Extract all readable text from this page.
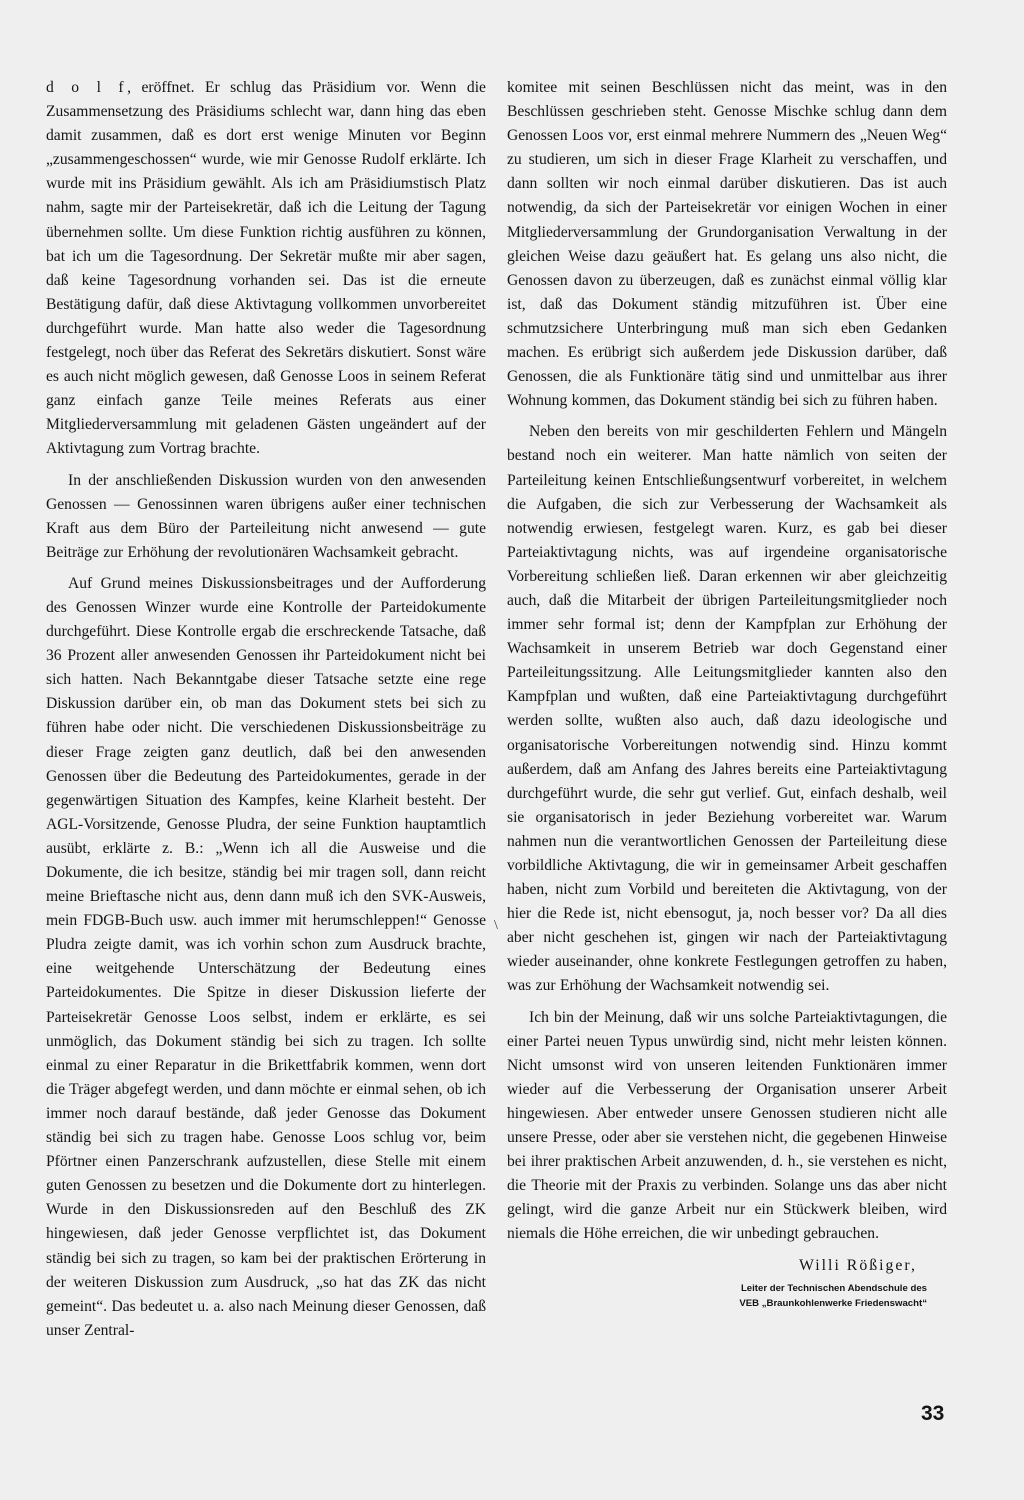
d o l f, eröffnet. Er schlug das Präsidium vor. Wenn die Zusammensetzung des Präsidiums schlecht war, dann hing das eben damit zusammen, daß es dort erst wenige Minuten vor Beginn „zusammengeschossen“ wurde, wie mir Genosse Rudolf erklärte. Ich wurde mit ins Präsidium gewählt. Als ich am Präsidiumstisch Platz nahm, sagte mir der Parteisekretär, daß ich die Leitung der Tagung übernehmen sollte. Um diese Funktion richtig ausführen zu können, bat ich um die Tagesordnung. Der Sekretär mußte mir aber sagen, daß keine Tagesordnung vorhanden sei. Das ist die erneute Bestätigung dafür, daß diese Aktivtagung vollkommen unvorbereitet durchgeführt wurde. Man hatte also weder die Tagesordnung festgelegt, noch über das Referat des Sekretärs diskutiert. Sonst wäre es auch nicht möglich gewesen, daß Genosse Loos in seinem Referat ganz einfach ganze Teile meines Referats aus einer Mitgliederversammlung mit geladenen Gästen ungeändert auf der Aktivtagung zum Vortrag brachte.

In der anschließenden Diskussion wurden von den anwesenden Genossen — Genossinnen waren übrigens außer einer technischen Kraft aus dem Büro der Parteileitung nicht anwesend — gute Beiträge zur Erhöhung der revolutionären Wachsamkeit gebracht.

Auf Grund meines Diskussionsbeitrages und der Aufforderung des Genossen Winzer wurde eine Kontrolle der Parteidokumente durchgeführt. Diese Kontrolle ergab die erschreckende Tatsache, daß 36 Prozent aller anwesenden Genossen ihr Parteidokument nicht bei sich hatten. Nach Bekanntgabe dieser Tatsache setzte eine rege Diskussion darüber ein, ob man das Dokument stets bei sich zu führen habe oder nicht. Die verschiedenen Diskussionsbeiträge zu dieser Frage zeigten ganz deutlich, daß bei den anwesenden Genossen über die Bedeutung des Parteidokumentes, gerade in der gegenwärtigen Situation des Kampfes, keine Klarheit besteht. Der AGL-Vorsitzende, Genosse Pludra, der seine Funktion hauptamtlich ausübt, erklärte z. B.: „Wenn ich all die Ausweise und die Dokumente, die ich besitze, ständig bei mir tragen soll, dann reicht meine Brieftasche nicht aus, denn dann muß ich den SVK-Ausweis, mein FDGB-Buch usw. auch immer mit herumschleppen!“ Genosse Pludra zeigte damit, was ich vorhin schon zum Ausdruck brachte, eine weitgehende Unterschätzung der Bedeutung eines Parteidokumentes. Die Spitze in dieser Diskussion lieferte der Parteisekretär Genosse Loos selbst, indem er erklärte, es sei unmöglich, das Dokument ständig bei sich zu tragen. Ich sollte einmal zu einer Reparatur in die Brikettfabrik kommen, wenn dort die Träger abgefegt werden, und dann möchte er einmal sehen, ob ich immer noch darauf bestände, daß jeder Genosse das Dokument ständig bei sich zu tragen habe. Genosse Loos schlug vor, beim Pförtner einen Panzerschrank aufzustellen, diese Stelle mit einem guten Genossen zu besetzen und die Dokumente dort zu hinterlegen. Wurde in den Diskussionsreden auf den Beschluß des ZK hingewiesen, daß jeder Genosse verpflichtet ist, das Dokument ständig bei sich zu tragen, so kam bei der praktischen Erörterung in der weiteren Diskussion zum Ausdruck, „so hat das ZK das nicht gemeint“. Das bedeutet u. a. also nach Meinung dieser Genossen, daß unser Zentral-

komitee mit seinen Beschlüssen nicht das meint, was in den Beschlüssen geschrieben steht. Genosse Mischke schlug dann dem Genossen Loos vor, erst einmal mehrere Nummern des „Neuen Weg“ zu studieren, um sich in dieser Frage Klarheit zu verschaffen, und dann sollten wir noch einmal darüber diskutieren. Das ist auch notwendig, da sich der Parteisekretär vor einigen Wochen in einer Mitgliederversammlung der Grundorganisation Verwaltung in der gleichen Weise dazu geäußert hat. Es gelang uns also nicht, die Genossen davon zu überzeugen, daß es zunächst einmal völlig klar ist, daß das Dokument ständig mitzuführen ist. Über eine schmutzsichere Unterbringung muß man sich eben Gedanken machen. Es erübrigt sich außerdem jede Diskussion darüber, daß Genossen, die als Funktionäre tätig sind und unmittelbar aus ihrer Wohnung kommen, das Dokument ständig bei sich zu führen haben.

Neben den bereits von mir geschilderten Fehlern und Mängeln bestand noch ein weiterer. Man hatte nämlich von seiten der Parteileitung keinen Entschließungsentwurf vorbereitet, in welchem die Aufgaben, die sich zur Verbesserung der Wachsamkeit als notwendig erwiesen, festgelegt waren. Kurz, es gab bei dieser Parteiaktivtagung nichts, was auf irgendeine organisatorische Vorbereitung schließen ließ. Daran erkennen wir aber gleichzeitig auch, daß die Mitarbeit der übrigen Parteileitungsmitglieder noch immer sehr formal ist; denn der Kampfplan zur Erhöhung der Wachsamkeit in unserem Betrieb war doch Gegenstand einer Parteileitungssitzung. Alle Leitungsmitglieder kannten also den Kampfplan und wußten, daß eine Parteiaktivtagung durchgeführt werden sollte, wußten also auch, daß dazu ideologische und organisatorische Vorbereitungen notwendig sind. Hinzu kommt außerdem, daß am Anfang des Jahres bereits eine Parteiaktivtagung durchgeführt wurde, die sehr gut verlief. Gut, einfach deshalb, weil sie organisatorisch in jeder Beziehung vorbereitet war. Warum nahmen nun die verantwortlichen Genossen der Parteileitung diese vorbildliche Aktivtagung, die wir in gemeinsamer Arbeit geschaffen haben, nicht zum Vorbild und bereiteten die Aktivtagung, von der hier die Rede ist, nicht ebensogut, ja, noch besser vor? Da all dies aber nicht geschehen ist, gingen wir nach der Parteiaktivtagung wieder auseinander, ohne konkrete Festlegungen getroffen zu haben, was zur Erhöhung der Wachsamkeit notwendig sei.

Ich bin der Meinung, daß wir uns solche Parteiaktivtagungen, die einer Partei neuen Typus unwürdig sind, nicht mehr leisten können. Nicht umsonst wird von unseren leitenden Funktionären immer wieder auf die Verbesserung der Organisation unserer Arbeit hingewiesen. Aber entweder unsere Genossen studieren nicht alle unsere Presse, oder aber sie verstehen nicht, die gegebenen Hinweise bei ihrer praktischen Arbeit anzuwenden, d. h., sie verstehen es nicht, die Theorie mit der Praxis zu verbinden. Solange uns das aber nicht gelingt, wird die ganze Arbeit nur ein Stückwerk bleiben, wird niemals die Höhe erreichen, die wir unbedingt gebrauchen.

Willi Rößiger,
Leiter der Technischen Abendschule des
VEB „Braunkohlenwerke Friedenswacht“
\
33
